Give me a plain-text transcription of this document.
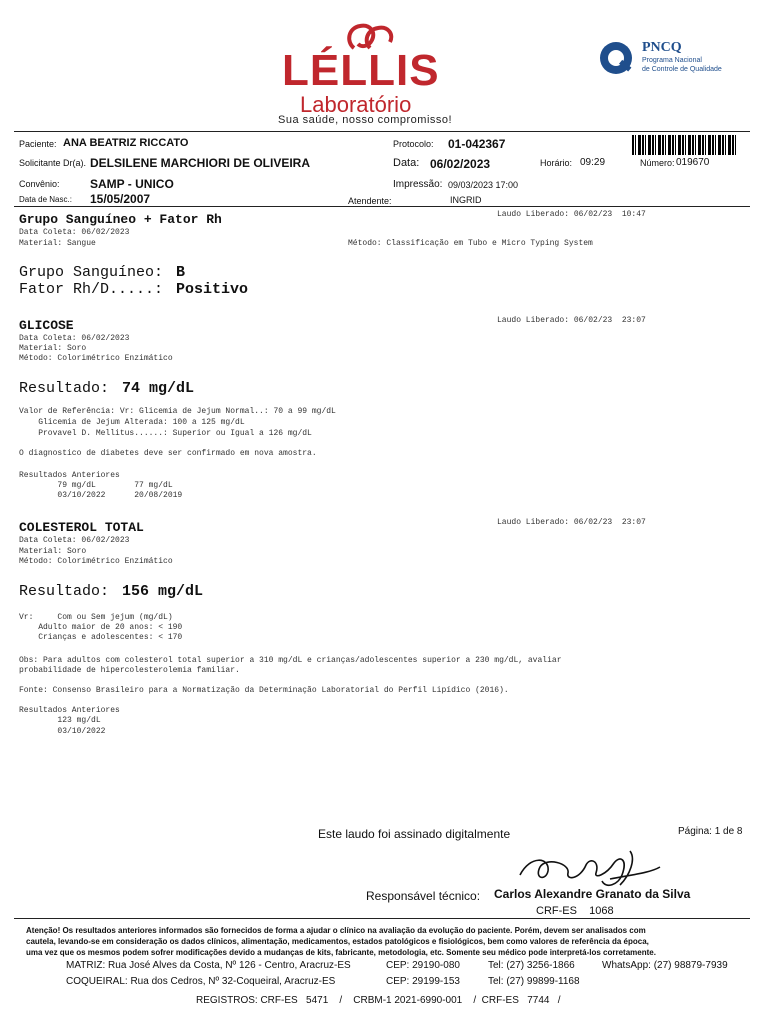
LÉLLIS

Laboratório

Sua saúde, nosso compromisso!

PNCQ

Programa Nacional

de Controle de Qualidade

Paciente: ANA BEATRIZ RICCATO
Solicitante Dr(a). DELSILENE MARCHIORI DE OLIVEIRA
Convênio:	SAMP - UNICO
Data de Nasc.: 15/05/2007
Protocolo: 01-042367
Data: 06/02/2023	Horário: 09:29	Número: 019670
Impressão: 09/03/2023 17:00
Atendente:	INGRID
Grupo Sanguíneo + Fator Rh	Laudo Liberado: 06/02/23  10:47
Data Coleta: 06/02/2023
Material: Sangue	Método: Classificação em Tubo e Micro Typing System
Grupo Sanguíneo: B
Fator Rh/D.....: Positivo
GLICOSE	Laudo Liberado: 06/02/23  23:07
Data Coleta: 06/02/2023
Material: Soro
Método: Colorimétrico Enzimático
Resultado: 74 mg/dL
Valor de Referência: Vr: Glicemia de Jejum Normal..: 70 a 99 mg/dL
Glicemia de Jejum Alterada: 100 a 125 mg/dL
Provavel D. Mellitus......: Superior ou Igual a 126 mg/dL
O diagnostico de diabetes deve ser confirmado em nova amostra.
Resultados Anteriores
79 mg/dL        77 mg/dL
03/10/2022      20/08/2019
COLESTEROL TOTAL	Laudo Liberado: 06/02/23  23:07
Data Coleta: 06/02/2023
Material: Soro
Método: Colorimétrico Enzimático
Resultado: 156 mg/dL
Vr:     Com ou Sem jejum (mg/dL)
Adulto maior de 20 anos: < 190
Crianças e adolescentes: < 170
Obs: Para adultos com colesterol total superior a 310 mg/dL e crianças/adolescentes superior a 230 mg/dL, avaliar
probabilidade de hipercolesterolemia familiar.
Fonte: Consenso Brasileiro para a Normatização da Determinação Laboratorial do Perfil Lipídico (2016).
Resultados Anteriores
123 mg/dL
03/10/2022
Este laudo foi assinado digitalmente	Página: 1 de 8
Responsável técnico: Carlos Alexandre Granato da Silva
CRF-ES    1068
Atenção! Os resultados anteriores informados são fornecidos de forma a ajudar o clínico na avaliação da evolução do paciente. Porém, devem ser analisados com
cautela, levando-se em consideração os dados clínicos, alimentação, medicamentos, estados patológicos e fisiológicos, bem como valores de referência da época,
uma vez que os mesmos podem sofrer modificações devido a mudanças de kits, fabricante, metodologia, etc. Somente seu médico pode interpretá-los corretamente.
MATRIZ: Rua José Alves da Costa, Nº 126 - Centro, Aracruz-ES	CEP: 29190-080	Tel: (27) 3256-1866	WhatsApp: (27) 98879-7939
COQUEIRAL: Rua dos Cedros, Nº 32-Coqueiral, Aracruz-ES	CEP: 29199-153	Tel: (27) 99899-1168
REGISTROS: CRF-ES   5471    /    CRBM-1 2021-6990-001    /  CRF-ES   7744   /
